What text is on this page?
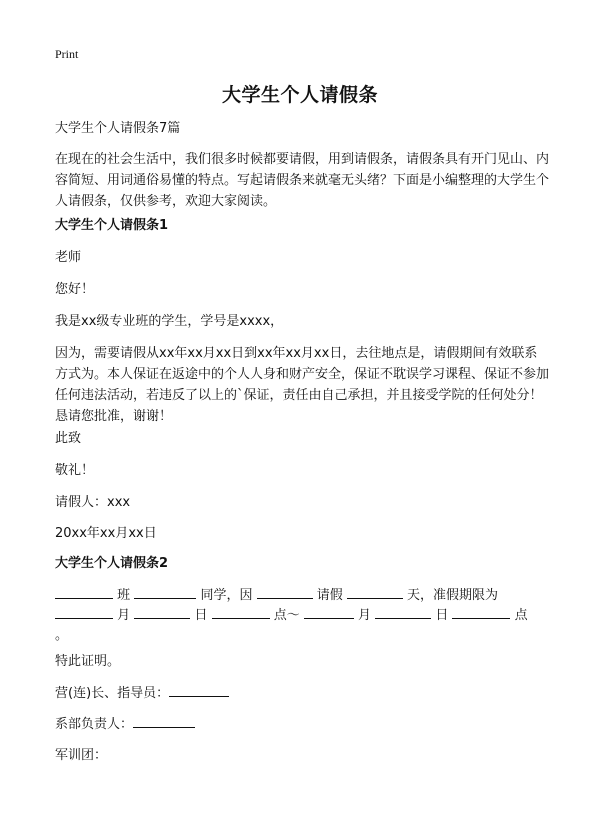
Print
大学生个人请假条
大学生个人请假条7篇
在现在的社会生活中，我们很多时候都要请假，用到请假条，请假条具有开门见山、内容简短、用词通俗易懂的特点。写起请假条来就毫无头绪？下面是小编整理的大学生个人请假条，仅供参考，欢迎大家阅读。
大学生个人请假条1
老师
您好！
我是xx级专业班的学生，学号是xxxx，
因为，需要请假从xx年xx月xx日到xx年xx月xx日，去往地点是，请假期间有效联系方式为。本人保证在返途中的个人人身和财产安全，保证不耽误学习课程、保证不参加任何违法活动，若违反了以上的`保证，责任由自己承担，并且接受学院的任何处分！恳请您批准，谢谢！
此致
敬礼！
请假人：xxx
20xx年xx月xx日
大学生个人请假条2
班	同学，因	请假	天，准假期限为
月	日	点～	月	日	点
。
特此证明。
营(连)长、指导员：
系部负责人：
军训团：
